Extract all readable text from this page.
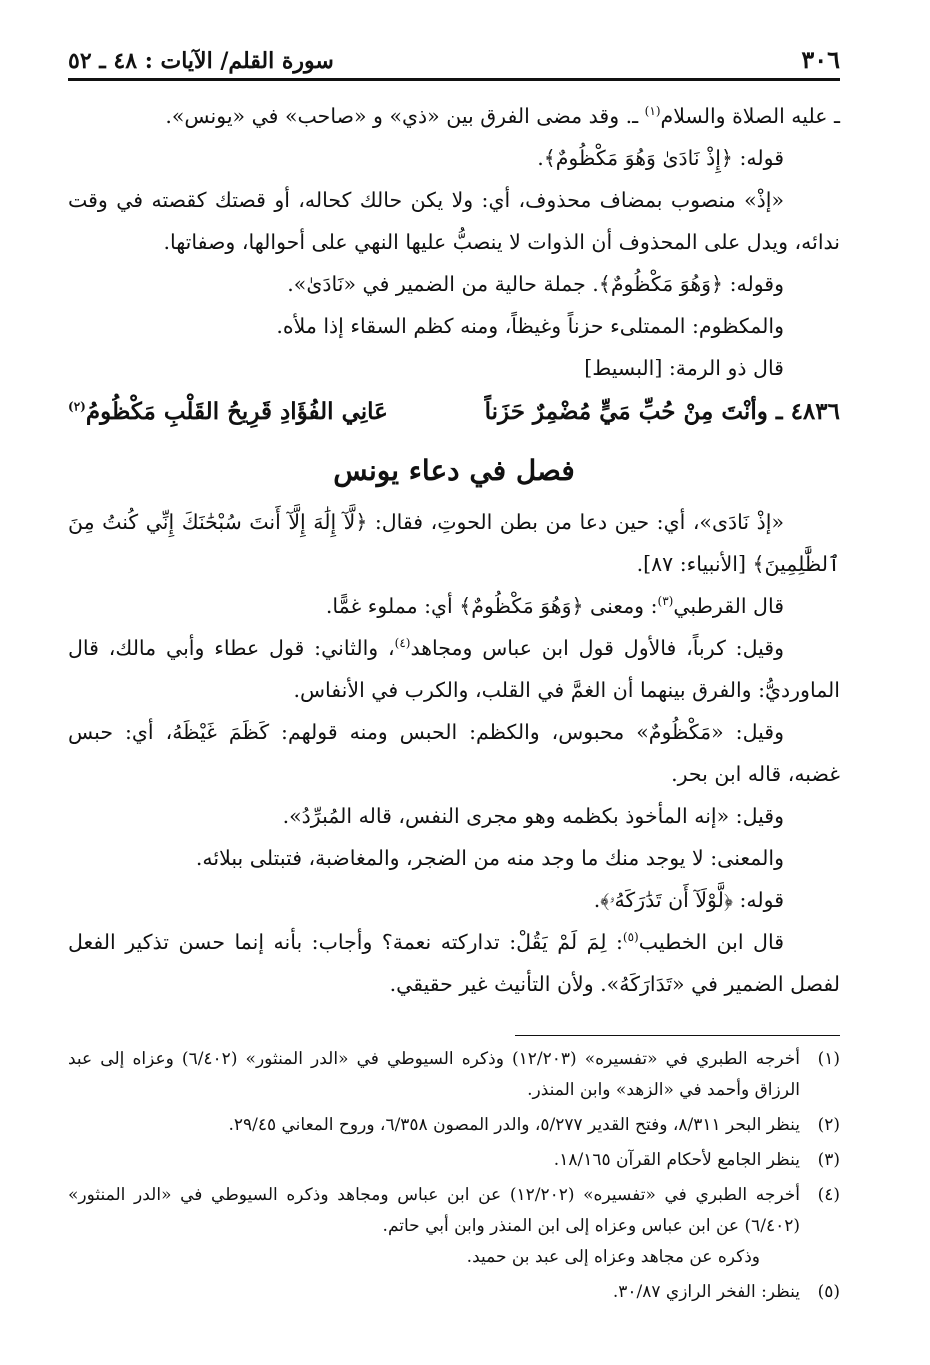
٣٠٦
سورة القلم/ الآيات : ٤٨ ـ ٥٢

ـ عليه الصلاة والسلام$^{(١)}$ ـ. وقد مضى الفرق بين «ذي» و «صاحب» في «يونس».

قوله: ﴿إِذْ نَادَىٰ وَهُوَ مَكْظُومٌ﴾.

«إذْ» منصوب بمضاف محذوف، أي: ولا يكن حالك كحاله، أو قصتك كقصته في وقت ندائه، ويدل على المحذوف أن الذوات لا ينصبُّ عليها النهي على أحوالها، وصفاتها.

وقوله: ﴿وَهُوَ مَكْظُومٌ﴾. جملة حالية من الضمير في «نَادَىٰ».

والمكظوم: الممتلىء حزناً وغيظاً، ومنه كظم السقاء إذا ملأه.

قال ذو الرمة: [البسيط]

٤٨٣٦ ـ وأنْتَ مِنْ حُبِّ مَيٍّ مُضْمِرٌ حَزَناً
عَانِي الفُؤَادِ قَرِيحُ القَلْبِ مَكْظُومُ$^{(٢)}$
فصل في دعاء يونس

«إذْ نَادَى»، أي: حين دعا من بطن الحوتِ، فقال: ﴿لَّآ إِلَٰهَ إِلَّآ أَنتَ سُبْحَٰنَكَ إِنِّي كُنتُ مِنَ ٱلظَّٰلِمِينَ﴾ [الأنبياء: ٨٧].

قال القرطبي$^{(٣)}$: ومعنى ﴿وَهُوَ مَكْظُومٌ﴾ أي: مملوء غمًّا.

وقيل: كرباً، فالأول قول ابن عباس ومجاهد$^{(٤)}$، والثاني: قول عطاء وأبي مالك، قال الماورديُّ: والفرق بينهما أن الغمَّ في القلب، والكرب في الأنفاس.

وقيل: «مَكْظُومٌ» محبوس، والكظم: الحبس ومنه قولهم: كَظَمَ غَيْظَهُ، أي: حبس غضبه، قاله ابن بحر.

وقيل: «إنه المأخوذ بكظمه وهو مجرى النفس، قاله المُبرِّدُ».

والمعنى: لا يوجد منك ما وجد منه من الضجر، والمغاضبة، فتبتلى ببلائه.

قوله: ﴿لَّوْلَآ أَن تَدَٰرَكَهُۥ﴾.

قال ابن الخطيب$^{(٥)}$: لِمَ لَمْ يَقُلْ: تداركته نعمة؟ وأجاب: بأنه إنما حسن تذكير الفعل لفصل الضمير في «تَدَارَكَهُ». ولأن التأنيث غير حقيقي.

(١)
أخرجه الطبري في «تفسيره» (١٢/٢٠٣) وذكره السيوطي في «الدر المنثور» (٦/٤٠٢) وعزاه إلى عبد الرزاق وأحمد في «الزهد» وابن المنذر.
(٢)
ينظر البحر ٨/٣١١، وفتح القدير ٥/٢٧٧، والدر المصون ٦/٣٥٨، وروح المعاني ٢٩/٤٥.
(٣)
ينظر الجامع لأحكام القرآن ١٨/١٦٥.
(٤)
أخرجه الطبري في «تفسيره» (١٢/٢٠٢) عن ابن عباس ومجاهد وذكره السيوطي في «الدر المنثور» (٦/٤٠٢) عن ابن عباس وعزاه إلى ابن المنذر وابن أبي حاتم.
وذكره عن مجاهد وعزاه إلى عبد بن حميد.
(٥)
ينظر: الفخر الرازي ٣٠/٨٧.
